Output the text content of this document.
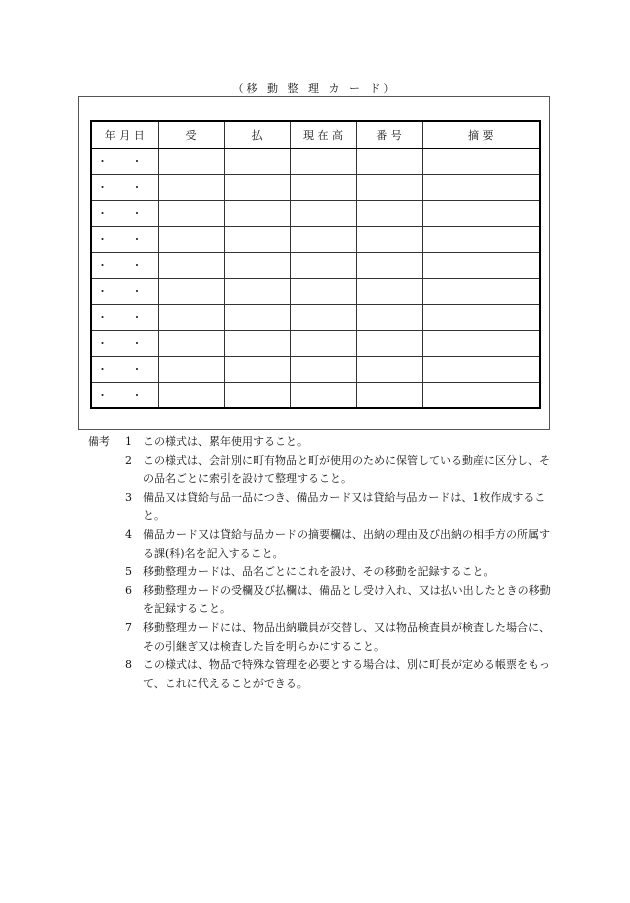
（移 動 整 理 カ ー ド）
年 月 日	受	払	現 在 高	番 号	摘 要
・ ・					
・ ・					
・ ・					
・ ・					
・ ・					
・ ・					
・ ・					
・ ・					
・ ・					
・ ・					
備考 1 この様式は、累年使用すること。
2 この様式は、会計別に町有物品と町が使用のために保管している動産に区分し、その品名ごとに索引を設けて整理すること。
3 備品又は貸給与品一品につき、備品カード又は貸給与品カードは、1枚作成すること。
4 備品カード又は貸給与品カードの摘要欄は、出納の理由及び出納の相手方の所属する課(科)名を記入すること。
5 移動整理カードは、品名ごとにこれを設け、その移動を記録すること。
6 移動整理カードの受欄及び払欄は、備品とし受け入れ、又は払い出したときの移動を記録すること。
7 移動整理カードには、物品出納職員が交替し、又は物品検査員が検査した場合に、その引継ぎ又は検査した旨を明らかにすること。
8 この様式は、物品で特殊な管理を必要とする場合は、別に町長が定める帳票をもって、これに代えることができる。
